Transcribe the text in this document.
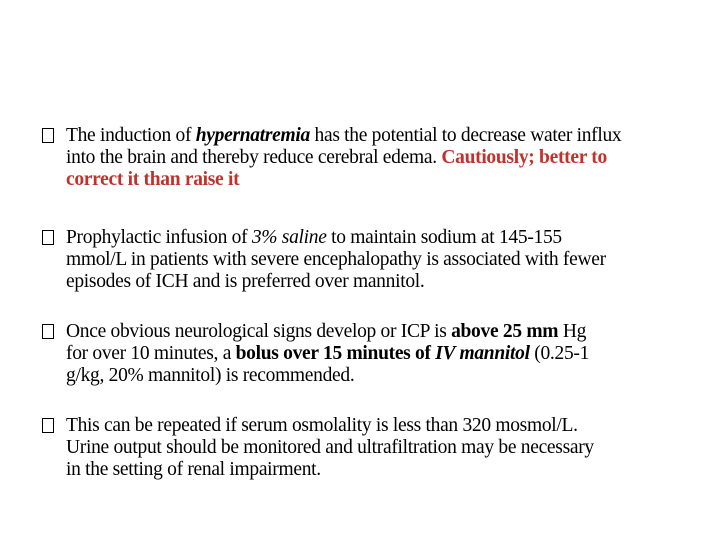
The induction of hypernatremia has the potential to decrease water influx
into the brain and thereby reduce cerebral edema. Cautiously; better to
correct it than raise it
Prophylactic infusion of 3% saline to maintain sodium at 145-155
mmol/L in patients with severe encephalopathy is associated with fewer
episodes of ICH and is preferred over mannitol.
Once obvious neurological signs develop or ICP is above 25 mm Hg
for over 10 minutes, a bolus over 15 minutes of IV mannitol (0.25-1
g/kg, 20% mannitol) is recommended.
This can be repeated if serum osmolality is less than 320 mosmol/L.
Urine output should be monitored and ultrafiltration may be necessary
in the setting of renal impairment.
